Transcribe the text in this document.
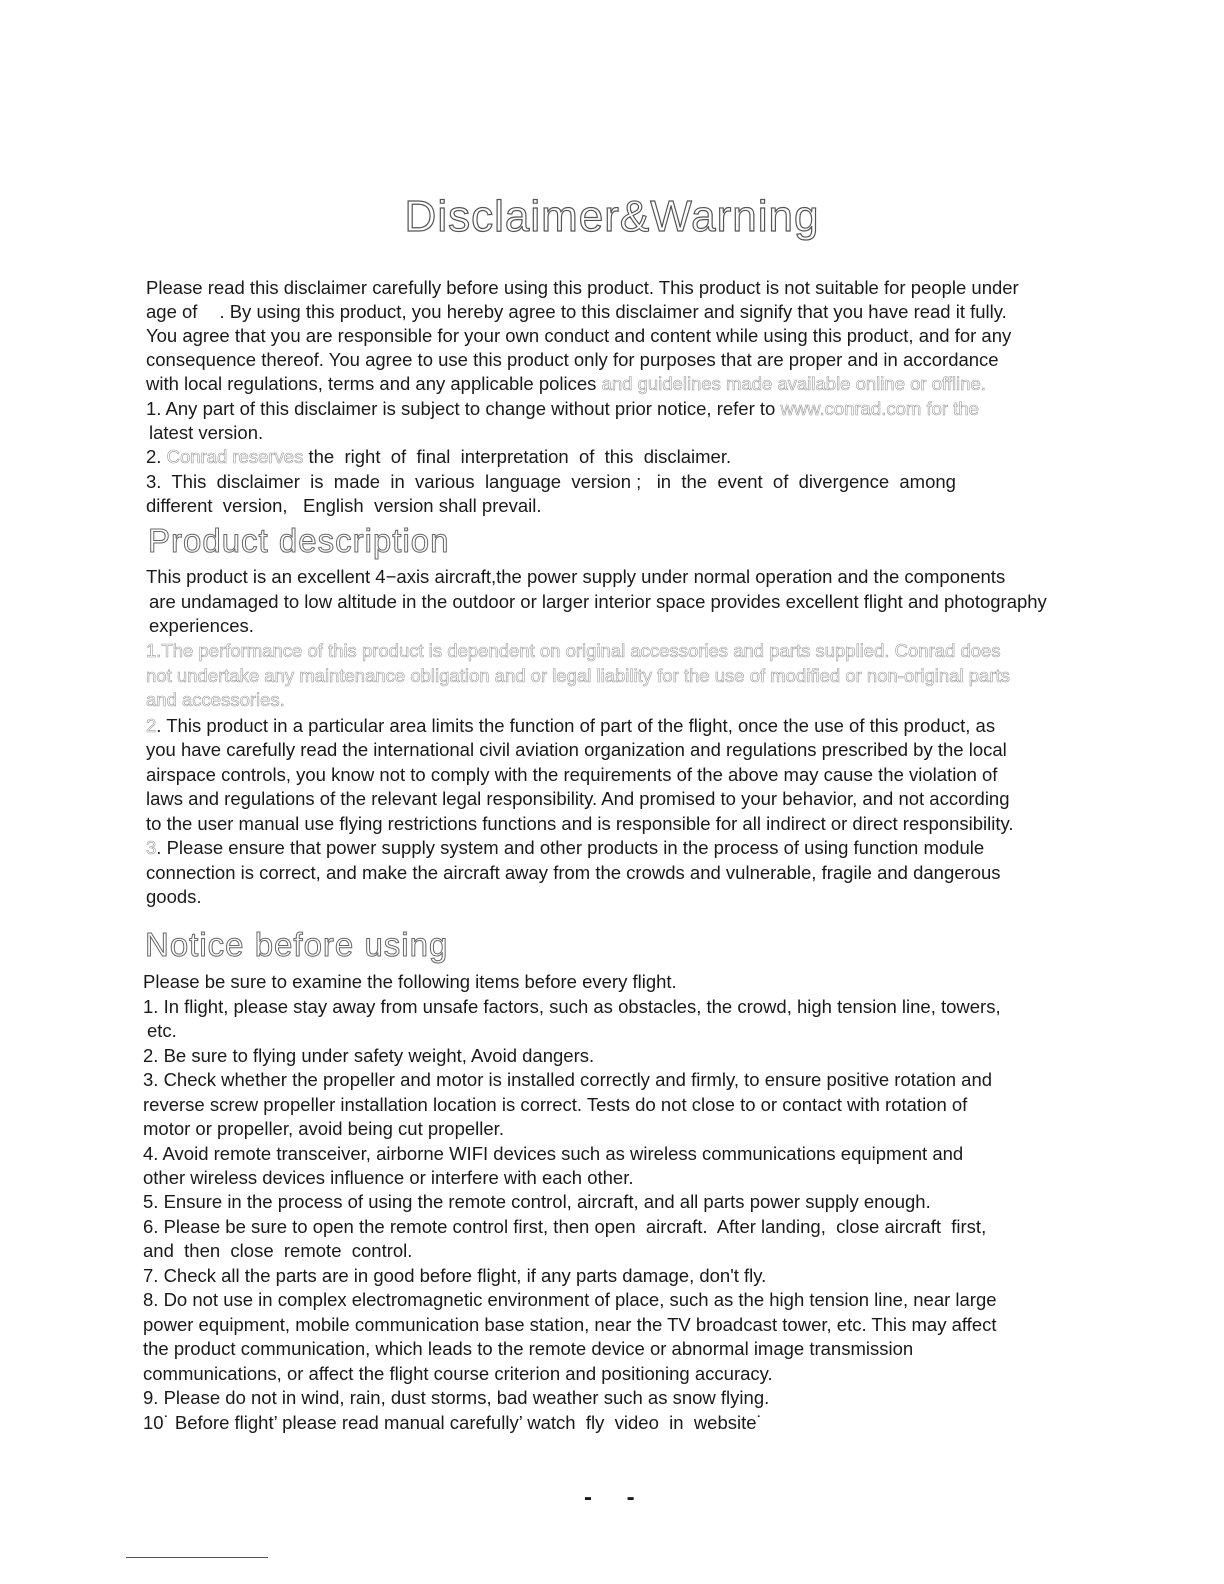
Disclaimer&Warning
Please read this disclaimer carefully before using this product. This product is not suitable for people under
age of . By using this product, you hereby agree to this disclaimer and signify that you have read it fully.
You agree that you are responsible for your own conduct and content while using this product, and for any
consequence thereof. You agree to use this product only for purposes that are proper and in accordance
with local regulations, terms and any applicable polices and guidelines made available online or offline.
1. Any part of this disclaimer is subject to change without prior notice, refer to www.conrad.com for the
latest version.
2. Conrad reserves the  right  of  final  interpretation  of  this  disclaimer.
3.  This  disclaimer  is  made  in  various  language  version ;   in  the  event  of  divergence  among
different  version,   English  version shall prevail.
Product description
This product is an excellent 4−axis aircraft,the power supply under normal operation and the components
are undamaged to low altitude in the outdoor or larger interior space provides excellent flight and photography
experiences.
1.The performance of this product is dependent on original accessories and parts supplied. Conrad does
not undertake any maintenance obligation and or legal liability for the use of modified or non-original parts
and accessories.
2. This product in a particular area limits the function of part of the flight, once the use of this product, as
you have carefully read the international civil aviation organization and regulations prescribed by the local
airspace controls, you know not to comply with the requirements of the above may cause the violation of
laws and regulations of the relevant legal responsibility. And promised to your behavior, and not according
to the user manual use flying restrictions functions and is responsible for all indirect or direct responsibility.
3. Please ensure that power supply system and other products in the process of using function module
connection is correct, and make the aircraft away from the crowds and vulnerable, fragile and dangerous
goods.
Notice before using
Please be sure to examine the following items before every flight.
1. In flight, please stay away from unsafe factors, such as obstacles, the crowd, high tension line, towers,
etc.
2. Be sure to flying under safety weight, Avoid dangers.
3. Check whether the propeller and motor is installed correctly and firmly, to ensure positive rotation and
reverse screw propeller installation location is correct. Tests do not close to or contact with rotation of
motor or propeller, avoid being cut propeller.
4. Avoid remote transceiver, airborne WIFI devices such as wireless communications equipment and
other wireless devices influence or interfere with each other.
5. Ensure in the process of using the remote control, aircraft, and all parts power supply enough.
6. Please be sure to open the remote control first, then open  aircraft.  After landing,  close aircraft  first,
and  then  close  remote  control.
7. Check all the parts are in good before flight, if any parts damage, don't fly.
8. Do not use in complex electromagnetic environment of place, such as the high tension line, near large
power equipment, mobile communication base station, near the TV broadcast tower, etc. This may affect
the product communication, which leads to the remote device or abnormal image transmission
communications, or affect the flight course criterion and positioning accuracy.
9. Please do not in wind, rain, dust storms, bad weather such as snow flying.
10˙ Before flight’ please read manual carefully’ watch  fly  video  in  website˙
- -
